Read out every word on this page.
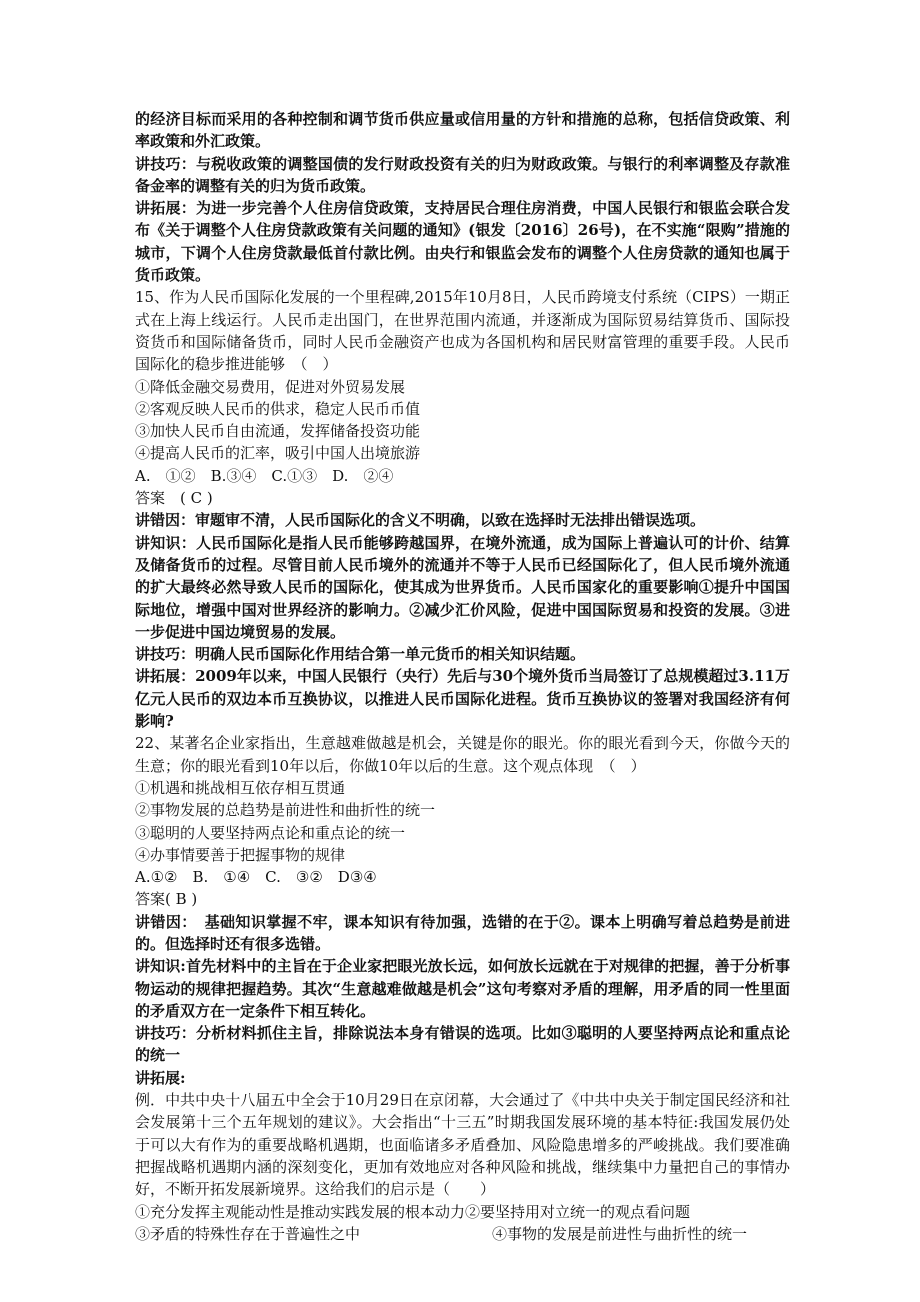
的经济目标而采用的各种控制和调节货币供应量或信用量的方针和措施的总称，包括信贷政策、利率政策和外汇政策。

讲技巧：与税收政策的调整国债的发行财政投资有关的归为财政政策。与银行的利率调整及存款准备金率的调整有关的归为货币政策。

讲拓展：为进一步完善个人住房信贷政策，支持居民合理住房消费，中国人民银行和银监会联合发布《关于调整个人住房贷款政策有关问题的通知》(银发〔2016〕26号)，在不实施“限购”措施的城市，下调个人住房贷款最低首付款比例。由央行和银监会发布的调整个人住房贷款的通知也属于货币政策。

15、作为人民币国际化发展的一个里程碑,2015年10月8日，人民币跨境支付系统（CIPS）一期正式在上海上线运行。人民币走出国门，在世界范围内流通，并逐渐成为国际贸易结算货币、国际投资货币和国际储备货币，同时人民币金融资产也成为各国机构和居民财富管理的重要手段。人民币国际化的稳步推进能够　（　）

①降低金融交易费用，促进对外贸易发展

②客观反映人民币的供求，稳定人民币币值

③加快人民币自由流通，发挥储备投资功能

④提高人民币的汇率，吸引中国人出境旅游

A.　①②　B.③④　C.①③　D.　②④

答案　( C )

讲错因：审题审不清，人民币国际化的含义不明确，以致在选择时无法排出错误选项。

讲知识：人民币国际化是指人民币能够跨越国界，在境外流通，成为国际上普遍认可的计价、结算及储备货币的过程。尽管目前人民币境外的流通并不等于人民币已经国际化了，但人民币境外流通的扩大最终必然导致人民币的国际化，使其成为世界货币。人民币国家化的重要影响①提升中国国际地位，增强中国对世界经济的影响力。②减少汇价风险，促进中国国际贸易和投资的发展。③进一步促进中国边境贸易的发展。

讲技巧：明确人民币国际化作用结合第一单元货币的相关知识结题。

讲拓展：2009年以来，中国人民银行（央行）先后与30个境外货币当局签订了总规模超过3.11万亿元人民币的双边本币互换协议，以推进人民币国际化进程。货币互换协议的签署对我国经济有何影响?

22、某著名企业家指出，生意越难做越是机会，关键是你的眼光。你的眼光看到今天，你做今天的生意；你的眼光看到10年以后，你做10年以后的生意。这个观点体现　（　）

①机遇和挑战相互依存相互贯通

②事物发展的总趋势是前进性和曲折性的统一

③聪明的人要坚持两点论和重点论的统一

④办事情要善于把握事物的规律

A.①②　B.　①④　C.　③②　D③④

答案( B )

讲错因：　基础知识掌握不牢，课本知识有待加强，选错的在于②。课本上明确写着总趋势是前进的。但选择时还有很多选错。

讲知识:首先材料中的主旨在于企业家把眼光放长远，如何放长远就在于对规律的把握，善于分析事物运动的规律把握趋势。其次“生意越难做越是机会”这句考察对矛盾的理解，用矛盾的同一性里面的矛盾双方在一定条件下相互转化。

讲技巧：分析材料抓住主旨，排除说法本身有错误的选项。比如③聪明的人要坚持两点论和重点论的统一

讲拓展:

例．中共中央十八届五中全会于10月29日在京闭幕，大会通过了《中共中央关于制定国民经济和社会发展第十三个五年规划的建议》。大会指出“十三五”时期我国发展环境的基本特征:我国发展仍处于可以大有作为的重要战略机遇期，也面临诸多矛盾叠加、风险隐患增多的严峻挑战。我们要准确把握战略机遇期内涵的深刻变化，更加有效地应对各种风险和挑战，继续集中力量把自己的事情办好，不断开拓发展新境界。这给我们的启示是（　　）

①充分发挥主观能动性是推动实践发展的根本动力②要坚持用对立统一的观点看问题

③矛盾的特殊性存在于普遍性之中	④事物的发展是前进性与曲折性的统一
